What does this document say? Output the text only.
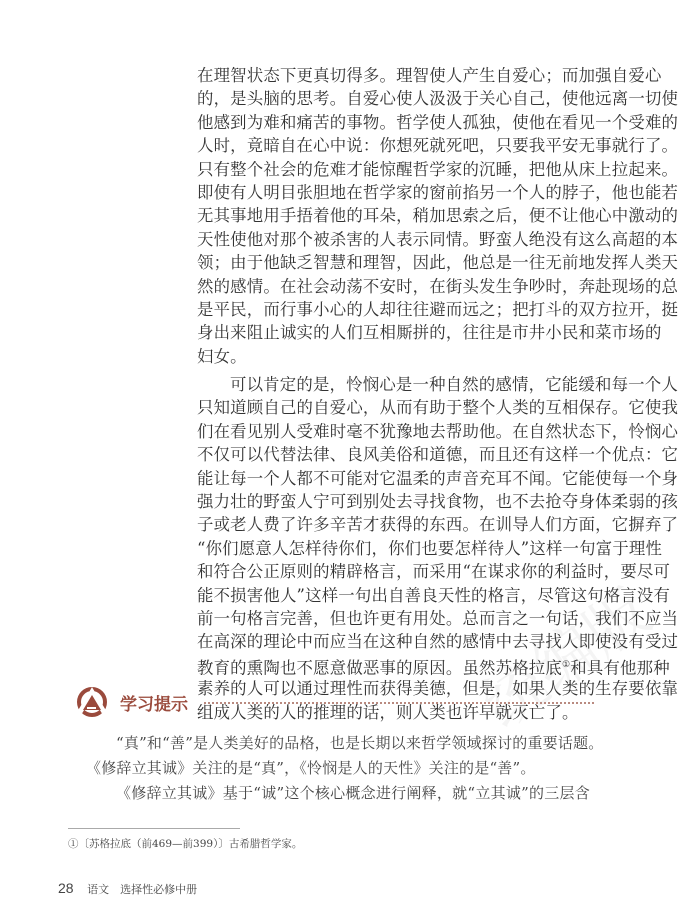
在理智状态下更真切得多。理智使人产生自爱心；而加强自爱心
的，是头脑的思考。自爱心使人汲汲于关心自己，使他远离一切使
他感到为难和痛苦的事物。哲学使人孤独，使他在看见一个受难的
人时，竟暗自在心中说：你想死就死吧，只要我平安无事就行了。
只有整个社会的危难才能惊醒哲学家的沉睡，把他从床上拉起来。
即使有人明目张胆地在哲学家的窗前掐另一个人的脖子，他也能若
无其事地用手捂着他的耳朵，稍加思索之后，便不让他心中激动的
天性使他对那个被杀害的人表示同情。野蛮人绝没有这么高超的本
领；由于他缺乏智慧和理智，因此，他总是一往无前地发挥人类天
然的感情。在社会动荡不安时，在街头发生争吵时，奔赴现场的总
是平民，而行事小心的人却往往避而远之；把打斗的双方拉开，挺
身出来阻止诚实的人们互相厮拼的，往往是市井小民和菜市场的
妇女。
可以肯定的是，怜悯心是一种自然的感情，它能缓和每一个人
只知道顾自己的自爱心，从而有助于整个人类的互相保存。它使我
们在看见别人受难时毫不犹豫地去帮助他。在自然状态下，怜悯心
不仅可以代替法律、良风美俗和道德，而且还有这样一个优点：它
能让每一个人都不可能对它温柔的声音充耳不闻。它能使每一个身
强力壮的野蛮人宁可到别处去寻找食物，也不去抢夺身体柔弱的孩
子或老人费了许多辛苦才获得的东西。在训导人们方面，它摒弃了
“你们愿意人怎样待你们，你们也要怎样待人”这样一句富于理性
和符合公正原则的精辟格言，而采用“在谋求你的利益时，要尽可
能不损害他人”这样一句出自善良天性的格言，尽管这句格言没有
前一句格言完善，但也许更有用处。总而言之一句话，我们不应当
在高深的理论中而应当在这种自然的感情中去寻找人即使没有受过
教育的熏陶也不愿意做恶事的原因。虽然苏格拉底①和具有他那种
素养的人可以通过理性而获得美德，但是，如果人类的生存要依靠
组成人类的人的推理的话，则人类也许早就灭亡了。
学习提示
“真”和“善”是人类美好的品格，也是长期以来哲学领域探讨的重要话题。
《修辞立其诚》关注的是“真”，《怜悯是人的天性》关注的是“善”。
《修辞立其诚》基于“诚”这个核心概念进行阐释，就“立其诚”的三层含
①〔苏格拉底（前469—前399）〕古希腊哲学家。
28 语文　选择性必修中册
